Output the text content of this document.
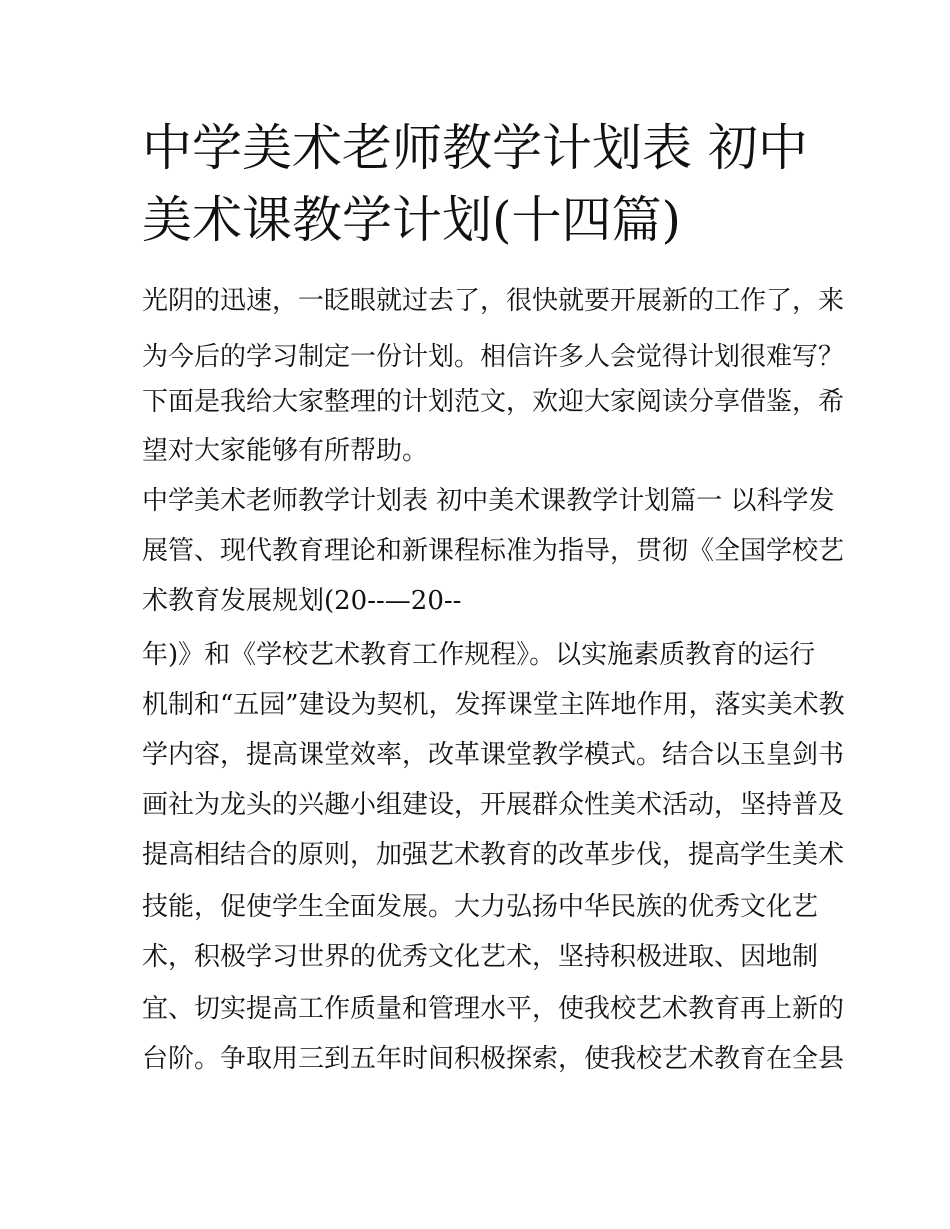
中学美术老师教学计划表 初中
美术课教学计划(十四篇)
光阴的迅速，一眨眼就过去了，很快就要开展新的工作了，来
为今后的学习制定一份计划。相信许多人会觉得计划很难写？
下面是我给大家整理的计划范文，欢迎大家阅读分享借鉴，希
望对大家能够有所帮助。
中学美术老师教学计划表 初中美术课教学计划篇一 以科学发
展管、现代教育理论和新课程标准为指导，贯彻《全国学校艺
术教育发展规划(20--—20--
年)》和《学校艺术教育工作规程》。以实施素质教育的运行
机制和“五园”建设为契机，发挥课堂主阵地作用，落实美术教
学内容，提高课堂效率，改革课堂教学模式。结合以玉皇剑书
画社为龙头的兴趣小组建设，开展群众性美术活动，坚持普及
提高相结合的原则，加强艺术教育的改革步伐，提高学生美术
技能，促使学生全面发展。大力弘扬中华民族的优秀文化艺
术，积极学习世界的优秀文化艺术，坚持积极进取、因地制
宜、切实提高工作质量和管理水平，使我校艺术教育再上新的
台阶。争取用三到五年时间积极探索，使我校艺术教育在全县
